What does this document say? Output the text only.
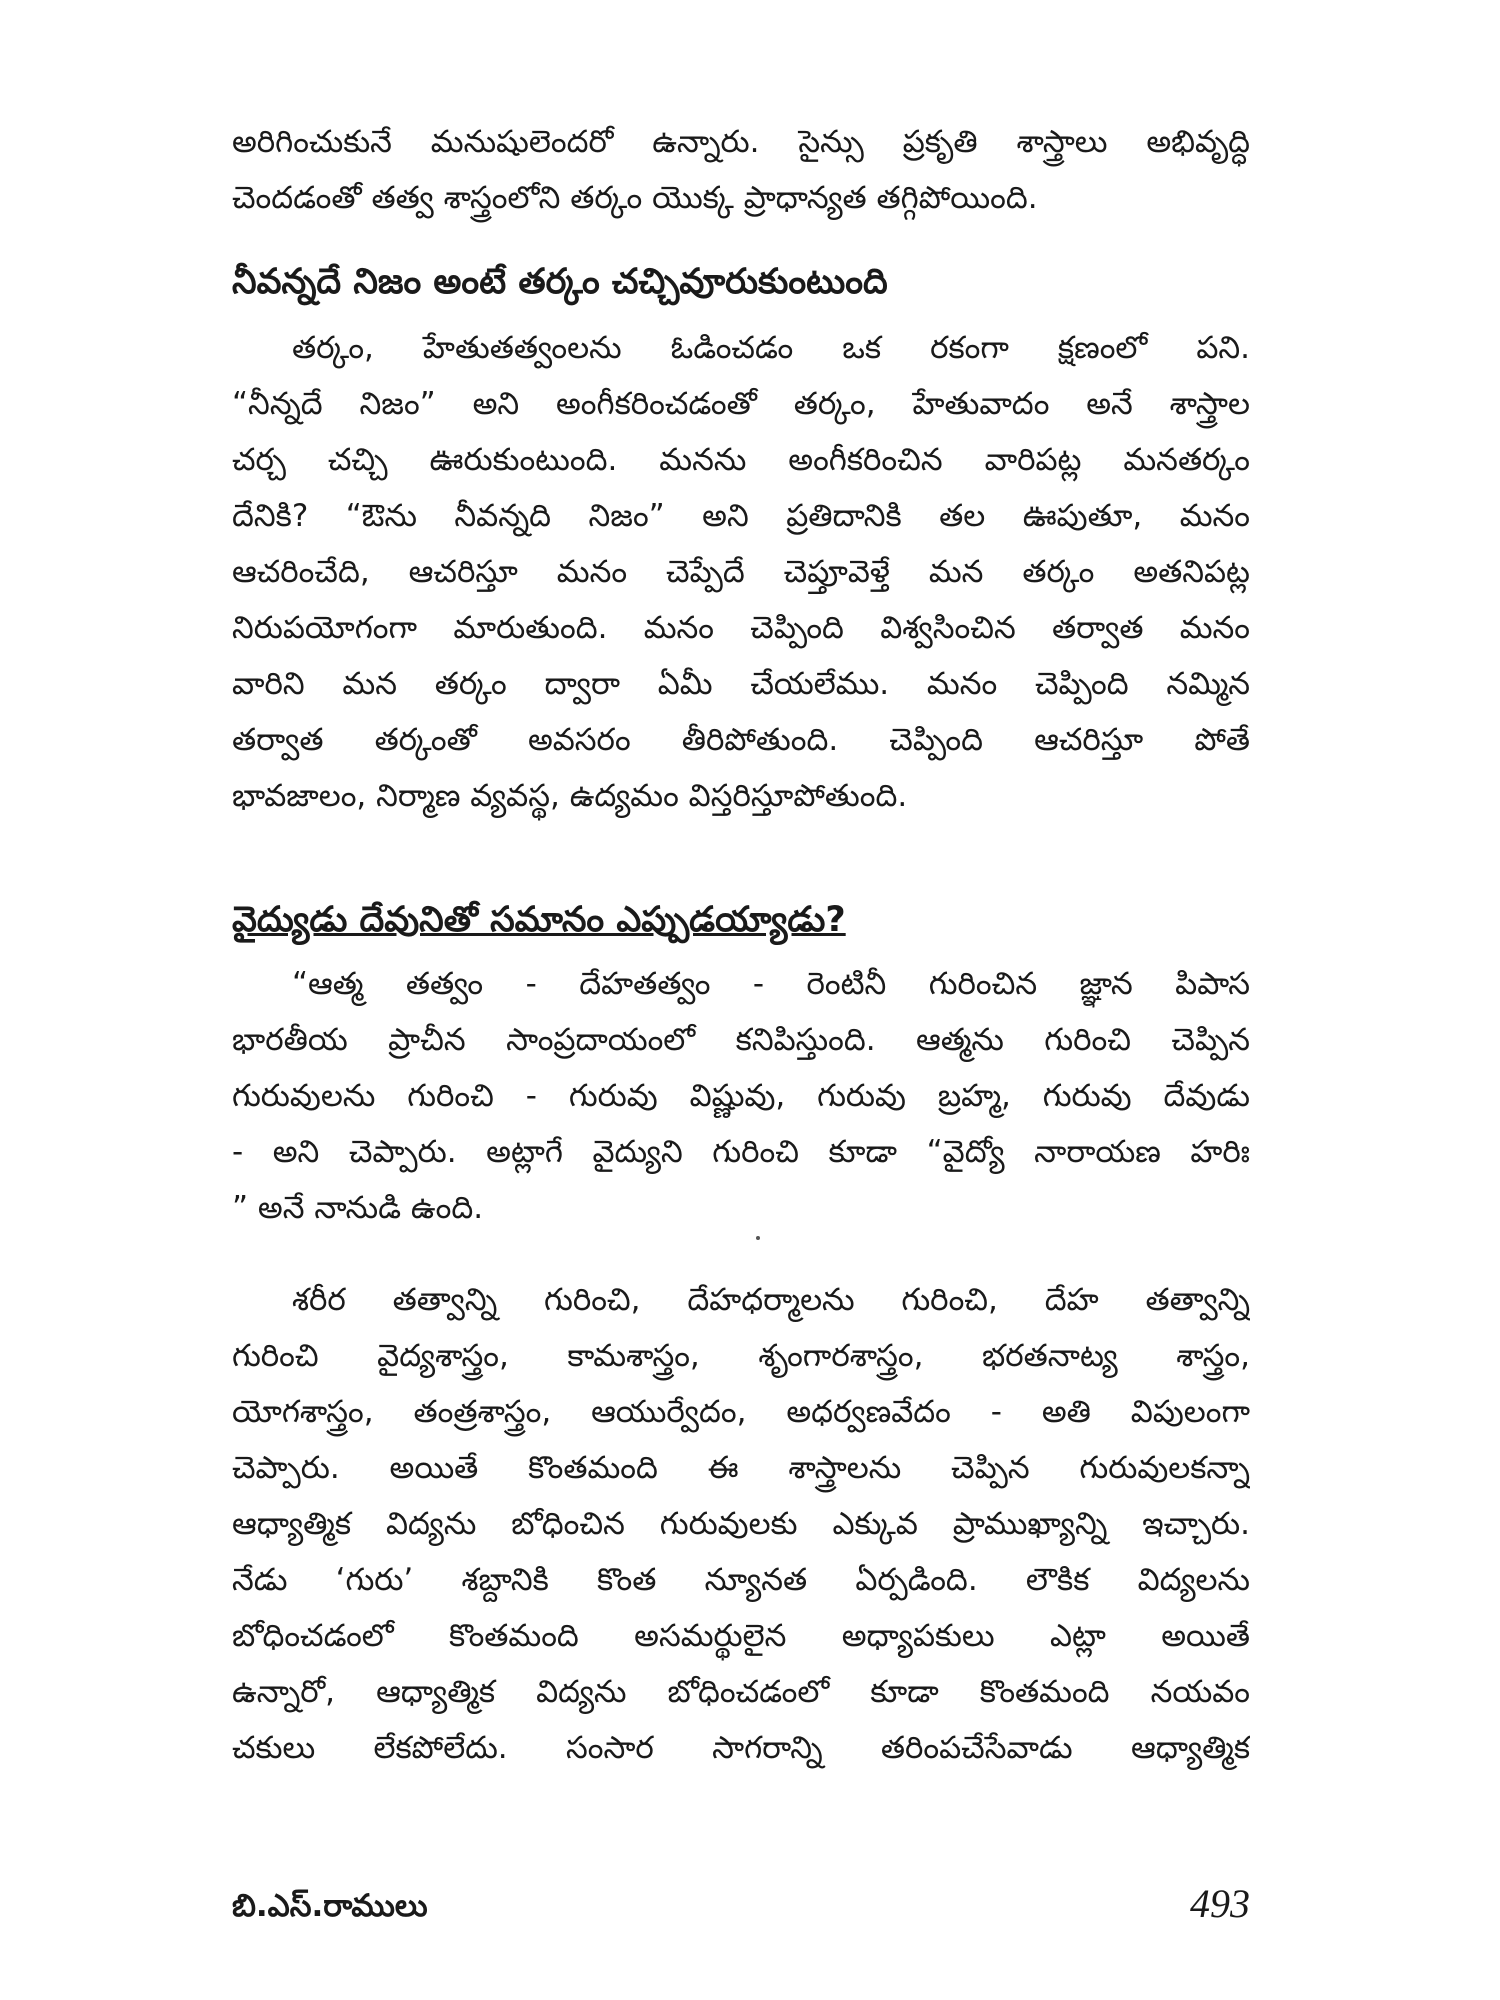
అరిగించుకునే మనుషులెందరో ఉన్నారు. సైన్సు ప్రకృతి శాస్త్రాలు అభివృద్ధి
చెందడంతో తత్వ శాస్త్రంలోని తర్కం యొక్క ప్రాధాన్యత తగ్గిపోయింది.
నీవన్నదే నిజం అంటే తర్కం చచ్చివూరుకుంటుంది
తర్కం, హేతుతత్వంలను ఓడించడం ఒక రకంగా క్షణంలో పని.
“నీన్నదే నిజం” అని అంగీకరించడంతో తర్కం, హేతువాదం అనే శాస్త్రాల
చర్చ చచ్చి ఊరుకుంటుంది. మనను అంగీకరించిన వారిపట్ల మనతర్కం
దేనికి? “ఔను నీవన్నది నిజం” అని ప్రతిదానికి తల ఊపుతూ, మనం
ఆచరించేది, ఆచరిస్తూ మనం చెప్పేదే చెప్తూవెళ్తే మన తర్కం అతనిపట్ల
నిరుపయోగంగా మారుతుంది. మనం చెప్పింది విశ్వసించిన తర్వాత మనం
వారిని మన తర్కం ద్వారా ఏమీ చేయలేము. మనం చెప్పింది నమ్మిన
తర్వాత తర్కంతో అవసరం తీరిపోతుంది. చెప్పింది ఆచరిస్తూ పోతే
భావజాలం, నిర్మాణ వ్యవస్థ, ఉద్యమం విస్తరిస్తూపోతుంది.
వైద్యుడు దేవునితో సమానం ఎప్పుడయ్యాడు?
“ఆత్మ తత్వం - దేహతత్వం - రెంటినీ గురించిన జ్ఞాన పిపాస
భారతీయ ప్రాచీన సాంప్రదాయంలో కనిపిస్తుంది. ఆత్మను గురించి చెప్పిన
గురువులను గురించి - గురువు విష్ణువు, గురువు బ్రహ్మ, గురువు దేవుడు
- అని చెప్పారు. అట్లాగే వైద్యుని గురించి కూడా “వైద్యో నారాయణ హరిః
” అనే నానుడి ఉంది.
శరీర తత్వాన్ని గురించి, దేహధర్మాలను గురించి, దేహ తత్వాన్ని
గురించి వైద్యశాస్త్రం, కామశాస్త్రం, శృంగారశాస్త్రం, భరతనాట్య శాస్త్రం,
యోగశాస్త్రం, తంత్రశాస్త్రం, ఆయుర్వేదం, అధర్వణవేదం - అతి విపులంగా
చెప్పారు. అయితే కొంతమంది ఈ శాస్త్రాలను చెప్పిన గురువులకన్నా
ఆధ్యాత్మిక విద్యను బోధించిన గురువులకు ఎక్కువ ప్రాముఖ్యాన్ని ఇచ్చారు.
నేడు ‘గురు’ శబ్దానికి కొంత న్యూనత ఏర్పడింది. లౌకిక విద్యలను
బోధించడంలో కొంతమంది అసమర్థులైన అధ్యాపకులు ఎట్లా అయితే
ఉన్నారో, ఆధ్యాత్మిక విద్యను బోధించడంలో కూడా కొంతమంది నయవం
చకులు లేకపోలేదు. సంసార సాగరాన్ని తరింపచేసేవాడు ఆధ్యాత్మిక
బి.ఎస్.రాములు	493
